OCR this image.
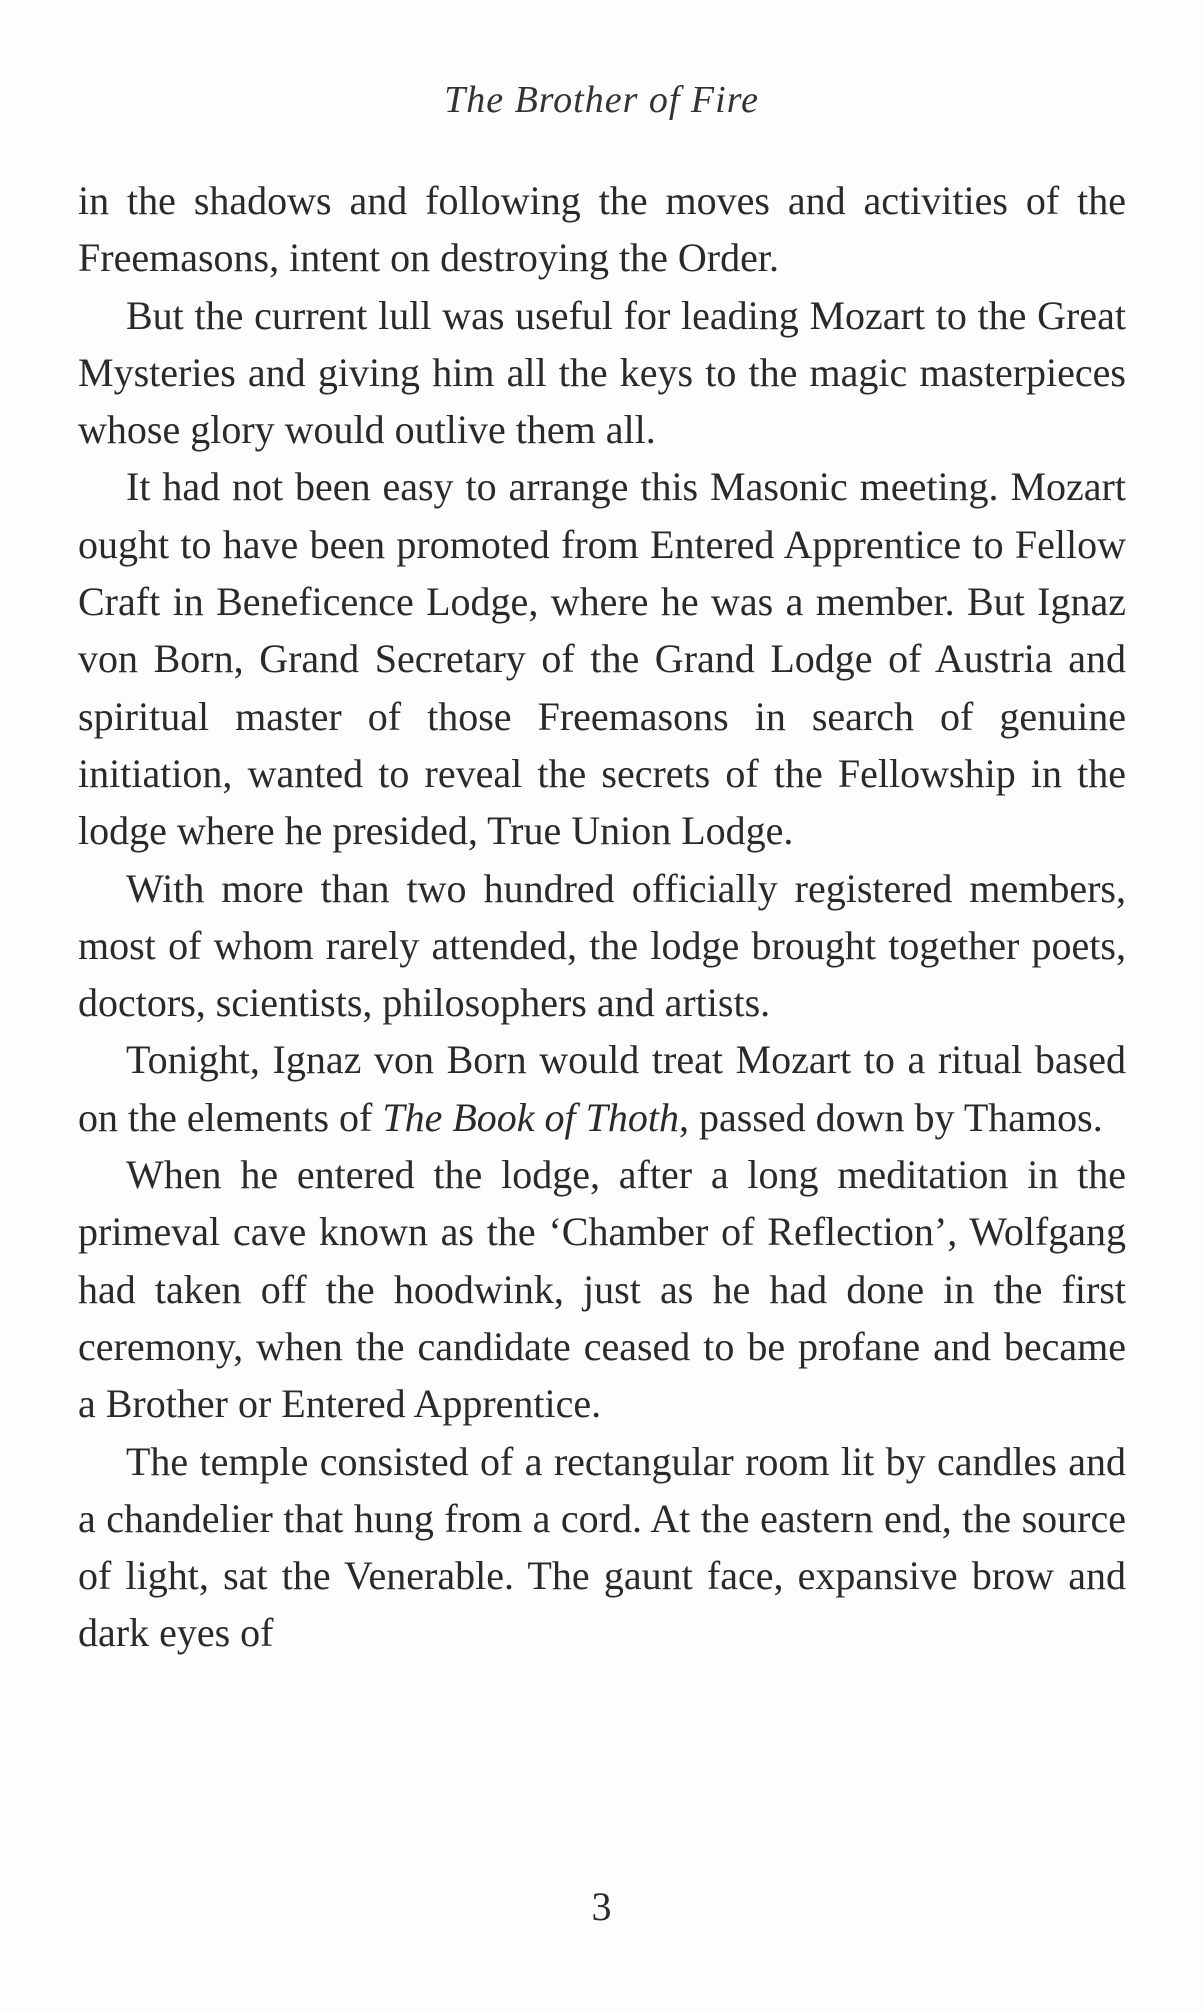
The Brother of Fire

in the shadows and following the moves and activities of the Freemasons, intent on destroying the Order.

But the current lull was useful for leading Mozart to the Great Mysteries and giving him all the keys to the magic masterpieces whose glory would outlive them all.

It had not been easy to arrange this Masonic meeting. Mozart ought to have been promoted from Entered Apprentice to Fellow Craft in Beneficence Lodge, where he was a member. But Ignaz von Born, Grand Secretary of the Grand Lodge of Austria and spiritual master of those Freemasons in search of genuine initiation, wanted to reveal the secrets of the Fellowship in the lodge where he presided, True Union Lodge.

With more than two hundred officially registered members, most of whom rarely attended, the lodge brought together poets, doctors, scientists, philosophers and artists.

Tonight, Ignaz von Born would treat Mozart to a ritual based on the elements of The Book of Thoth, passed down by Thamos.

When he entered the lodge, after a long meditation in the primeval cave known as the ‘Chamber of Reflection’, Wolfgang had taken off the hoodwink, just as he had done in the first ceremony, when the candidate ceased to be profane and became a Brother or Entered Apprentice.

The temple consisted of a rectangular room lit by candles and a chandelier that hung from a cord. At the eastern end, the source of light, sat the Venerable. The gaunt face, expansive brow and dark eyes of

3
